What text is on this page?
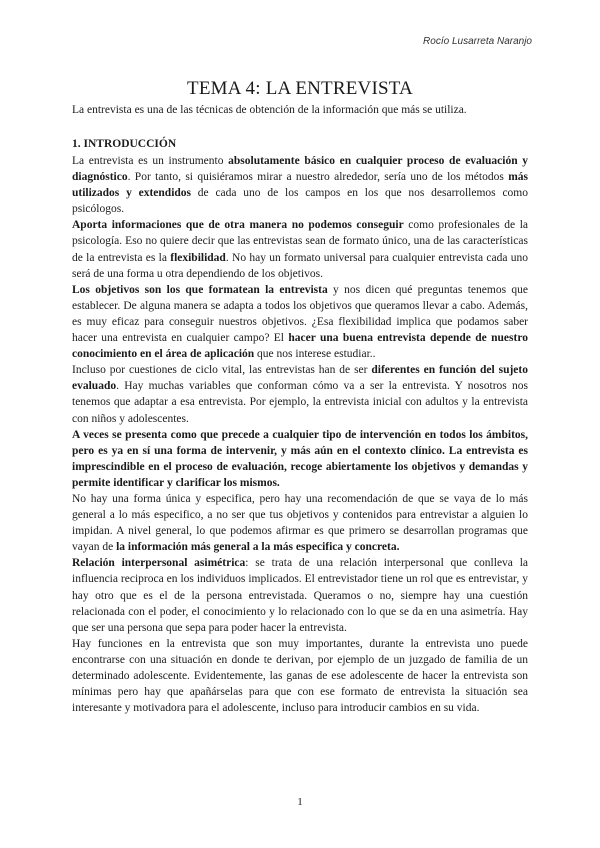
Rocío Lusarreta Naranjo
TEMA 4: LA ENTREVISTA

La entrevista es una de las técnicas de obtención de la información que más se utiliza.

1. INTRODUCCIÓN

La entrevista es un instrumento absolutamente básico en cualquier proceso de evaluación y diagnóstico. Por tanto, si quisiéramos mirar a nuestro alrededor, sería uno de los métodos más utilizados y extendidos de cada uno de los campos en los que nos desarrollemos como psicólogos.

Aporta informaciones que de otra manera no podemos conseguir como profesionales de la psicología. Eso no quiere decir que las entrevistas sean de formato único, una de las características de la entrevista es la flexibilidad. No hay un formato universal para cualquier entrevista cada uno será de una forma u otra dependiendo de los objetivos.

Los objetivos son los que formatean la entrevista y nos dicen qué preguntas tenemos que establecer. De alguna manera se adapta a todos los objetivos que queramos llevar a cabo. Además, es muy eficaz para conseguir nuestros objetivos. ¿Esa flexibilidad implica que podamos saber hacer una entrevista en cualquier campo? El hacer una buena entrevista depende de nuestro conocimiento en el área de aplicación que nos interese estudiar..

Incluso por cuestiones de ciclo vital, las entrevistas han de ser diferentes en función del sujeto evaluado. Hay muchas variables que conforman cómo va a ser la entrevista. Y nosotros nos tenemos que adaptar a esa entrevista. Por ejemplo, la entrevista inicial con adultos y la entrevista con niños y adolescentes.

A veces se presenta como que precede a cualquier tipo de intervención en todos los ámbitos, pero es ya en sí una forma de intervenir, y más aún en el contexto clínico. La entrevista es imprescindible en el proceso de evaluación, recoge abiertamente los objetivos y demandas y permite identificar y clarificar los mismos.

No hay una forma única y especifica, pero hay una recomendación de que se vaya de lo más general a lo más especifico, a no ser que tus objetivos y contenidos para entrevistar a alguien lo impidan. A nivel general, lo que podemos afirmar es que primero se desarrollan programas que vayan de la información más general a la más especifica y concreta.

Relación interpersonal asimétrica: se trata de una relación interpersonal que conlleva la influencia reciproca en los individuos implicados. El entrevistador tiene un rol que es entrevistar, y hay otro que es el de la persona entrevistada. Queramos o no, siempre hay una cuestión relacionada con el poder, el conocimiento y lo relacionado con lo que se da en una asimetría. Hay que ser una persona que sepa para poder hacer la entrevista.

Hay funciones en la entrevista que son muy importantes, durante la entrevista uno puede encontrarse con una situación en donde te derivan, por ejemplo de un juzgado de familia de un determinado adolescente. Evidentemente, las ganas de ese adolescente de hacer la entrevista son mínimas pero hay que apañárselas para que con ese formato de entrevista la situación sea interesante y motivadora para el adolescente, incluso para introducir cambios en su vida.

1
